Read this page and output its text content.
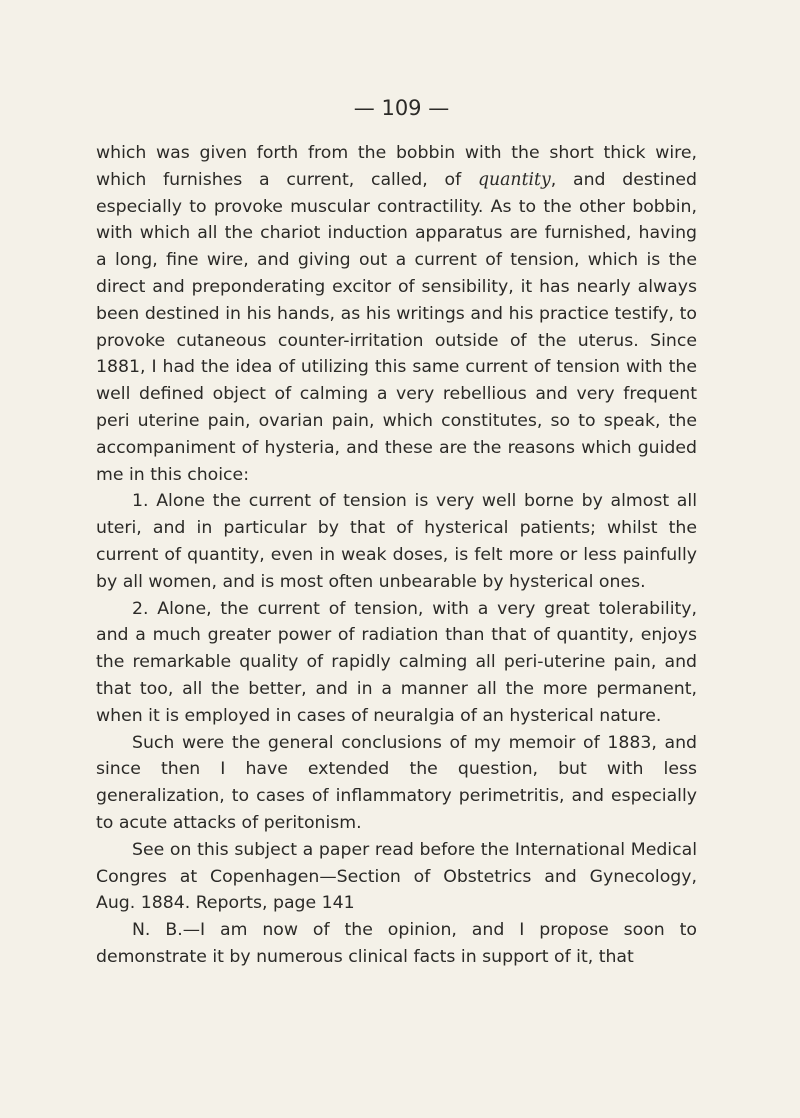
— 109 —

which was given forth from the bobbin with the short thick wire, which furnishes a current, called, of quantity, and destined especially to provoke muscular contractility. As to the other bobbin, with which all the chariot induction apparatus are furnished, having a long, fine wire, and giving out a current of tension, which is the direct and preponderating excitor of sensibility, it has nearly always been destined in his hands, as his writings and his practice testify, to provoke cutaneous counter-irritation outside of the uterus. Since 1881, I had the idea of utilizing this same current of tension with the well defined object of calming a very rebellious and very frequent peri uterine pain, ovarian pain, which constitutes, so to speak, the accompaniment of hysteria, and these are the reasons which guided me in this choice:

1. Alone the current of tension is very well borne by almost all uteri, and in particular by that of hysterical patients; whilst the current of quantity, even in weak doses, is felt more or less painfully by all women, and is most often unbearable by hysterical ones.

2. Alone, the current of tension, with a very great tolerability, and a much greater power of radiation than that of quantity, enjoys the remarkable quality of rapidly calming all peri-uterine pain, and that too, all the better, and in a manner all the more permanent, when it is employed in cases of neuralgia of an hysterical nature.

Such were the general conclusions of my memoir of 1883, and since then I have extended the question, but with less generalization, to cases of inflammatory perimetritis, and especially to acute attacks of peritonism.

See on this subject a paper read before the International Medical Congres at Copenhagen—Section of Obstetrics and Gynecology, Aug. 1884. Reports, page 141

N. B.—I am now of the opinion, and I propose soon to demonstrate it by numerous clinical facts in support of it, that
